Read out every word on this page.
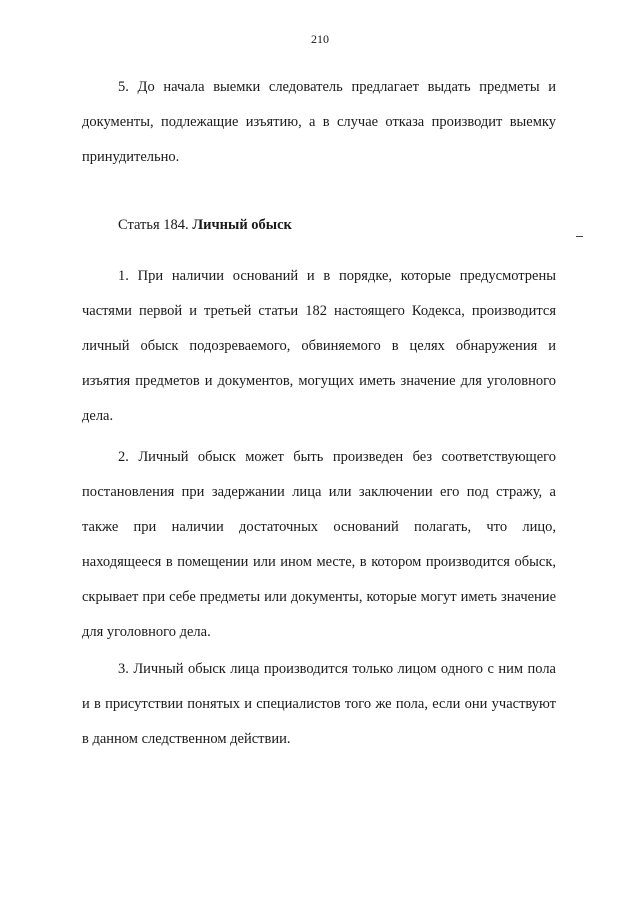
210

5. До начала выемки следователь предлагает выдать предметы и документы, подлежащие изъятию, а в случае отказа производит выемку принудительно.

Статья 184. Личный обыск

1. При наличии оснований и в порядке, которые предусмотрены частями первой и третьей статьи 182 настоящего Кодекса, производится личный обыск подозреваемого, обвиняемого в целях обнаружения и изъятия предметов и документов, могущих иметь значение для уголовного дела.

2. Личный обыск может быть произведен без соответствующего постановления при задержании лица или заключении его под стражу, а также при наличии достаточных оснований полагать, что лицо, находящееся в помещении или ином месте, в котором производится обыск, скрывает при себе предметы или документы, которые могут иметь значение для уголовного дела.

3. Личный обыск лица производится только лицом одного с ним пола и в присутствии понятых и специалистов того же пола, если они участвуют в данном следственном действии.
